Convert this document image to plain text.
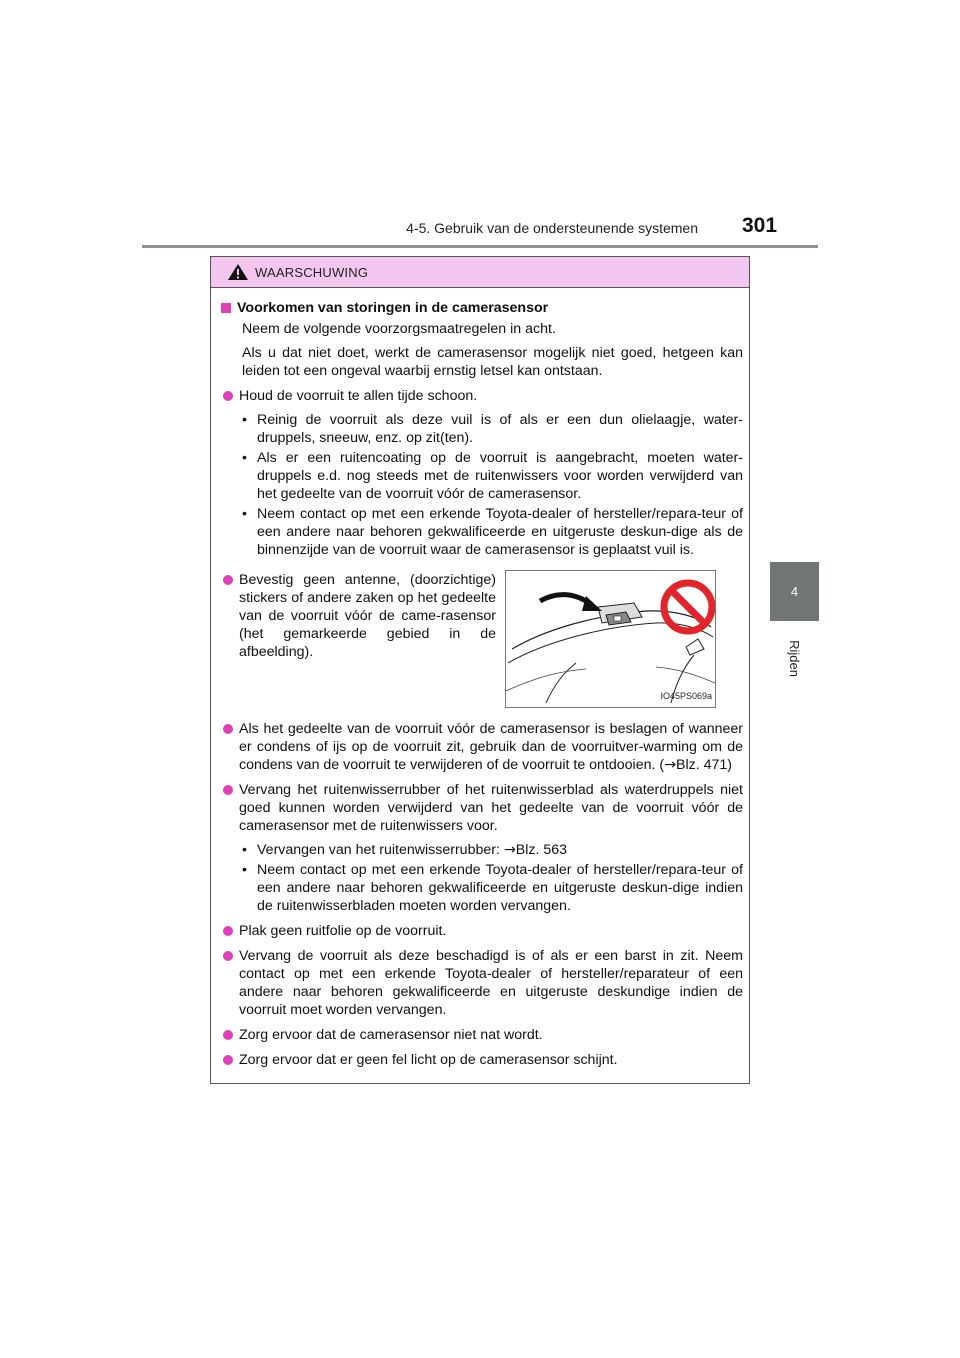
4-5. Gebruik van de ondersteunende systemen 301
4
Rijden
WAARSCHUWING
Voorkomen van storingen in de camerasensor

Neem de volgende voorzorgsmaatregelen in acht.

Als u dat niet doet, werkt de camerasensor mogelijk niet goed, hetgeen kan leiden tot een ongeval waarbij ernstig letsel kan ontstaan.

Houd de voorruit te allen tijde schoon.
• Reinig de voorruit als deze vuil is of als er een dun olielaagje, water-druppels, sneeuw, enz. op zit(ten).
• Als er een ruitencoating op de voorruit is aangebracht, moeten water-druppels e.d. nog steeds met de ruitenwissers voor worden verwijderd van het gedeelte van de voorruit vóór de camerasensor.
• Neem contact op met een erkende Toyota-dealer of hersteller/repara-teur of een andere naar behoren gekwalificeerde en uitgeruste deskun-dige als de binnenzijde van de voorruit waar de camerasensor is geplaatst vuil is.
Bevestig geen antenne, (doorzichtige) stickers of andere zaken op het gedeelte van de voorruit vóór de came-rasensor (het gemarkeerde gebied in de afbeelding).
IO45PS069a
Als het gedeelte van de voorruit vóór de camerasensor is beslagen of wanneer er condens of ijs op de voorruit zit, gebruik dan de voorruitver-warming om de condens van de voorruit te verwijderen of de voorruit te ontdooien. (→Blz. 471)
Vervang het ruitenwisserrubber of het ruitenwisserblad als waterdruppels niet goed kunnen worden verwijderd van het gedeelte van de voorruit vóór de camerasensor met de ruitenwissers voor.
• Vervangen van het ruitenwisserrubber: →Blz. 563
• Neem contact op met een erkende Toyota-dealer of hersteller/repara-teur of een andere naar behoren gekwalificeerde en uitgeruste deskun-dige indien de ruitenwisserbladen moeten worden vervangen.
Plak geen ruitfolie op de voorruit.
Vervang de voorruit als deze beschadigd is of als er een barst in zit. Neem contact op met een erkende Toyota-dealer of hersteller/reparateur of een andere naar behoren gekwalificeerde en uitgeruste deskundige indien de voorruit moet worden vervangen.
Zorg ervoor dat de camerasensor niet nat wordt.
Zorg ervoor dat er geen fel licht op de camerasensor schijnt.
